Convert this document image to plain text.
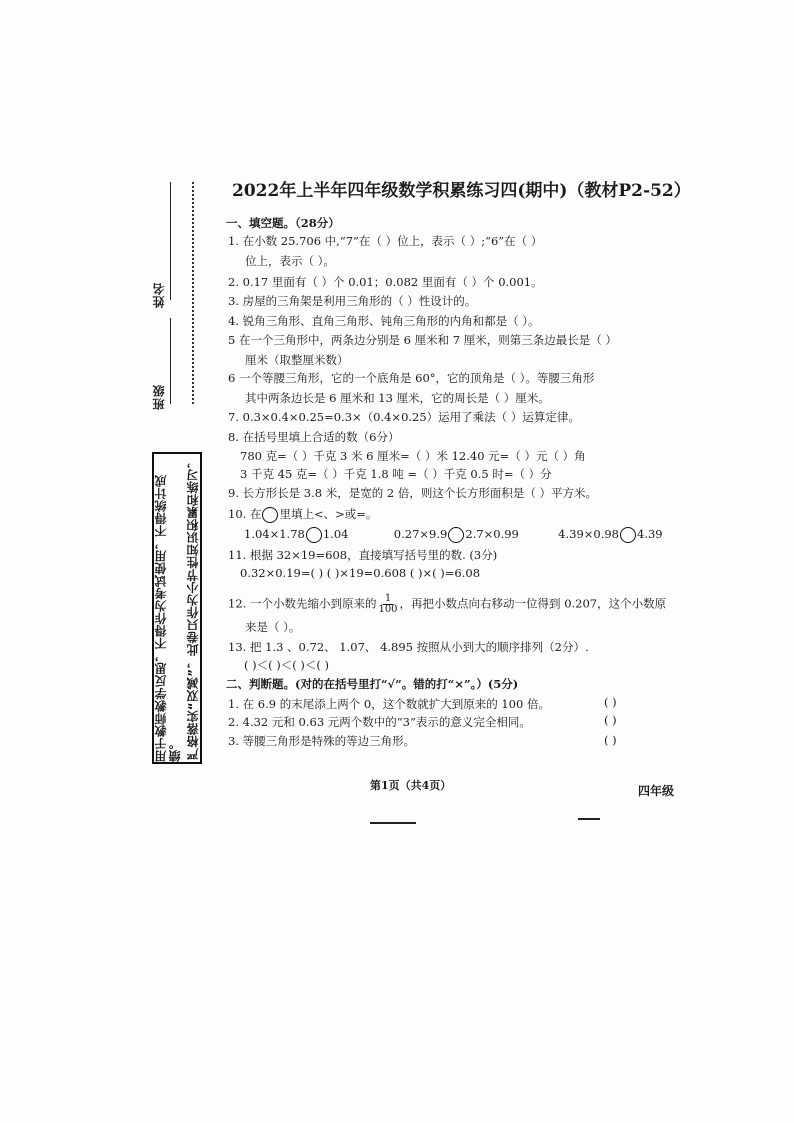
姓名
班级
严格落实“双减”，此卷只作为小节性知识积累和练习，
用于教师教学反思，不得作为考试使用，不得统计成绩。
2022年上半年四年级数学积累练习四(期中)（教材P2-52）
一、填空题。（28分）
1. 在小数 25.706 中,“7”在（ ）位上，表示（ ）;“6”在（ ）
位上，表示（ ）。
2. 0.17 里面有（ ）个 0.01；0.082 里面有（ ）个 0.001。
3. 房屋的三角架是利用三角形的（ ）性设计的。
4. 锐角三角形、直角三角形、钝角三角形的内角和都是（ ）。
5 在一个三角形中，两条边分别是 6 厘米和 7 厘米，则第三条边最长是（ ）
厘米（取整厘米数）
6 一个等腰三角形，它的一个底角是 60°，它的顶角是（ ）。等腰三角形
其中两条边长是 6 厘米和 13 厘米，它的周长是（ ）厘米。
7. 0.3×0.4×0.25=0.3×（0.4×0.25）运用了乘法（ ）运算定律。
8. 在括号里填上合适的数（6分）
780 克=（ ）千克 3 米 6 厘米=（ ）米 12.40 元=（ ）元（ ）角
3 千克 45 克=（ ）千克 1.8 吨 =（ ）千克 0.5 时=（ ）分
9. 长方形长是 3.8 米，是宽的 2 倍，则这个长方形面积是（ ）平方米。
10. 在 里填上<、>或=。
1.04×1.78 1.04	0.27×9.9 2.7×0.99	4.39×0.98 4.39
11. 根据 32×19=608，直接填写括号里的数. (3分)
0.32×0.19=( ) ( )×19=0.608 ( )×( )=6.08
12. 一个小数先缩小到原来的 $\frac{1}{100}$ ，再把小数点向右移动一位得到 0.207，这个小数原
来是（ ）。
13. 把 1.3 、0.72、 1.07、 4.895 按照从小到大的顺序排列（2分）.
( )＜( )＜( )＜( )
二、判断题。(对的在括号里打“√”。错的打“×”。）(5分)
1. 在 6.9 的末尾添上两个 0，这个数就扩大到原来的 100 倍。	( )
2. 4.32 元和 0.63 元两个数中的“3”表示的意义完全相同。	( )
3. 等腰三角形是特殊的等边三角形。	( )
第1页（共4页）	四年级
